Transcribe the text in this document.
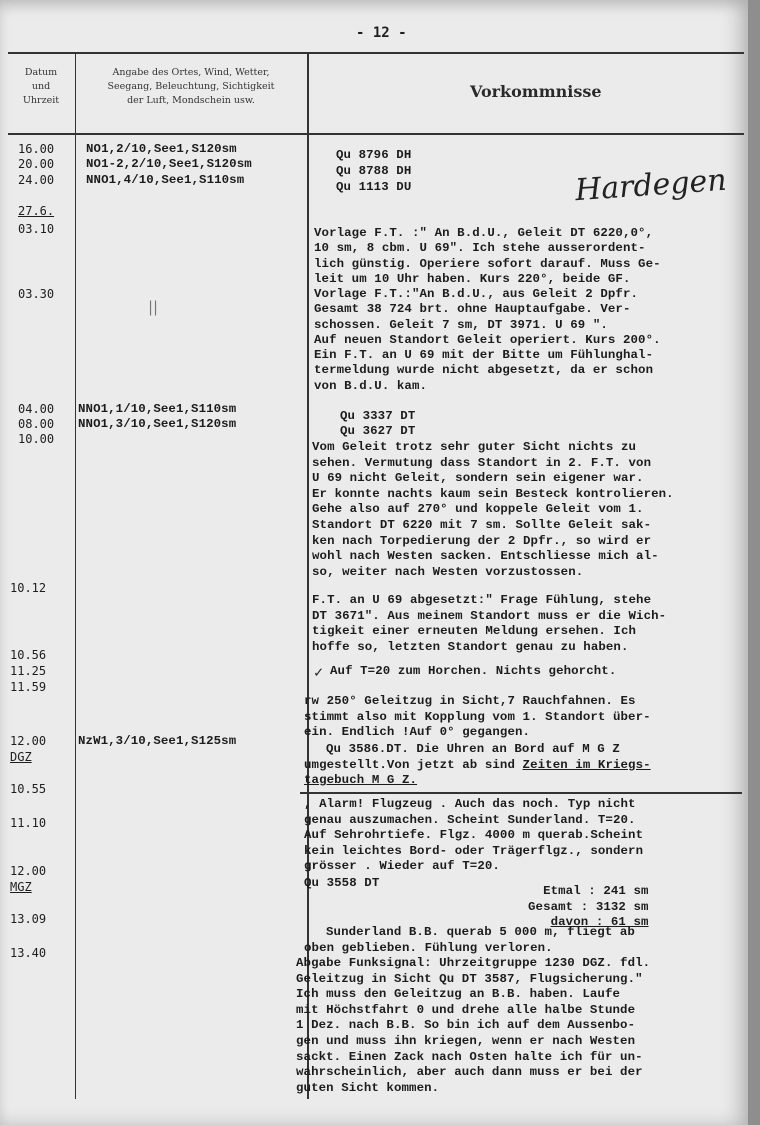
- 12 -
Datum
und
Uhrzeit
Angabe des Ortes, Wind, Wetter,
Seegang, Beleuchtung, Sichtigkeit
der Luft, Mondschein usw.	Vorkommnisse
16.00
20.00
24.00
27.6.
03.10
03.30
04.00
08.00
10.00
10.12
10.56
11.25
11.59
12.00
DGZ
10.55
11.10
12.00
MGZ
13.09
13.40
NO1,2/10,See1,S120sm
NO1-2,2/10,See1,S120sm
NNO1,4/10,See1,S110sm
||
NNO1,1/10,See1,S110sm
NNO1,3/10,See1,S120sm
NzW1,3/10,See1,S125sm
Qu 8796 DH
Qu 8788 DH
Qu 1113 DU	Hardegen
Vorlage F.T. :" An B.d.U., Geleit DT 6220,0°,
10 sm, 8 cbm. U 69". Ich stehe ausserordent-
lich günstig. Operiere sofort darauf. Muss Ge-
leit um 10 Uhr haben. Kurs 220°, beide GF.
Vorlage F.T.:"An B.d.U., aus Geleit 2 Dpfr.
Gesamt 38 724 brt. ohne Hauptaufgabe. Ver-
schossen. Geleit 7 sm, DT 3971. U 69 ".
Auf neuen Standort Geleit operiert. Kurs 200°.
Ein F.T. an U 69 mit der Bitte um Fühlunghal-
termeldung wurde nicht abgesetzt, da er schon
von B.d.U. kam.
Qu 3337 DT
Qu 3627 DT
Vom Geleit trotz sehr guter Sicht nichts zu
sehen. Vermutung dass Standort in 2. F.T. von
U 69 nicht Geleit, sondern sein eigener war.
Er konnte nachts kaum sein Besteck kontrolieren.
Gehe also auf 270° und koppele Geleit vom 1.
Standort DT 6220 mit 7 sm. Sollte Geleit sak-
ken nach Torpedierung der 2 Dpfr., so wird er
wohl nach Westen sacken. Entschliesse mich al-
so, weiter nach Westen vorzustossen.
F.T. an U 69 abgesetzt:" Frage Fühlung, stehe
DT 3671". Aus meinem Standort muss er die Wich-
tigkeit einer erneuten Meldung ersehen. Ich
hoffe so, letzten Standort genau zu haben.
✓ Auf T=20 zum Horchen. Nichts gehorcht.
rw 250° Geleitzug in Sicht,7 Rauchfahnen. Es
stimmt also mit Kopplung vom 1. Standort über-
ein. Endlich !Auf 0° gegangen.
Qu 3586.DT. Die Uhren an Bord auf M G Z
umgestellt.Von jetzt ab sind Zeiten im Kriegs-
tagebuch M G Z.
, Alarm! Flugzeug . Auch das noch. Typ nicht
genau auszumachen. Scheint Sunderland. T=20.
Auf Sehrohrtiefe. Flgz. 4000 m querab.Scheint
kein leichtes Bord- oder Trägerflgz., sondern
grösser . Wieder auf T=20.
Qu 3558 DT
Etmal : 241 sm
Gesamt : 3132 sm
davon : 61 sm
Sunderland B.B. querab 5 000 m, fliegt ab
oben geblieben. Fühlung verloren.
Abgabe Funksignal: Uhrzeitgruppe 1230 DGZ. fdl.
Geleitzug in Sicht Qu DT 3587, Flugsicherung."
Ich muss den Geleitzug an B.B. haben. Laufe
mit Höchstfahrt 0 und drehe alle halbe Stunde
1 Dez. nach B.B. So bin ich auf dem Aussenbo-
gen und muss ihn kriegen, wenn er nach Westen
sackt. Einen Zack nach Osten halte ich für un-
wahrscheinlich, aber auch dann muss er bei der
guten Sicht kommen.
